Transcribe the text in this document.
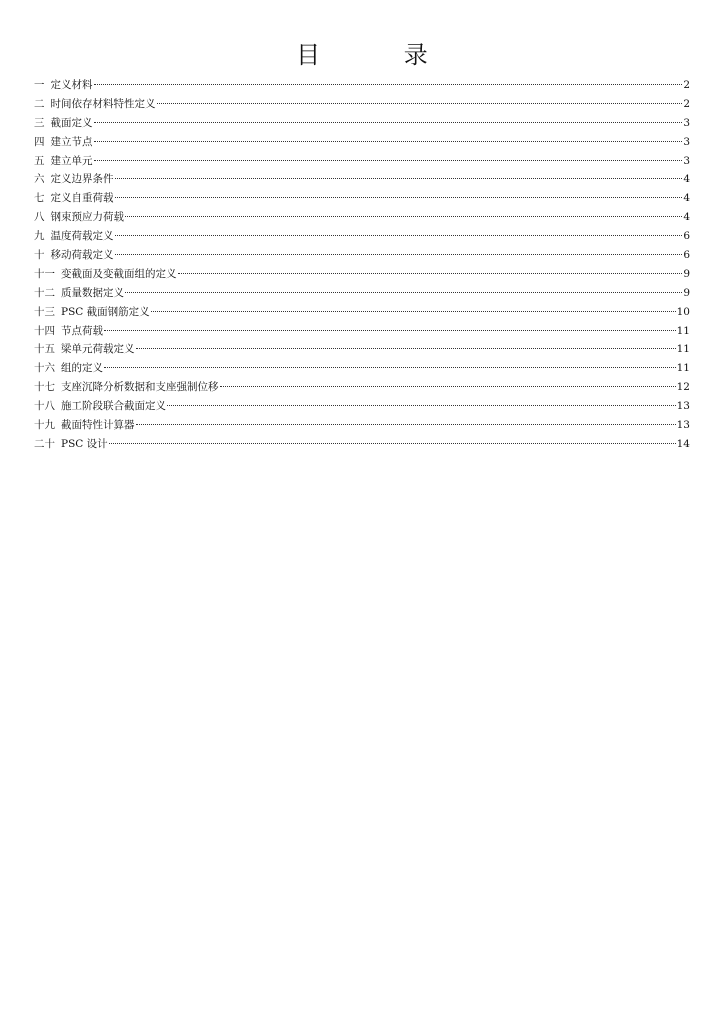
目 录
一 定义材料	2
二 时间依存材料特性定义	2
三 截面定义	3
四 建立节点	3
五 建立单元	3
六 定义边界条件	4
七 定义自重荷载	4
八 钢束预应力荷载	4
九 温度荷载定义	6
十 移动荷载定义	6
十一 变截面及变截面组的定义	9
十二 质量数据定义	9
十三 PSC 截面钢筋定义	10
十四 节点荷载	11
十五 梁单元荷载定义	11
十六 组的定义	11
十七 支座沉降分析数据和支座强制位移	12
十八 施工阶段联合截面定义	13
十九 截面特性计算器	13
二十 PSC 设计	14
